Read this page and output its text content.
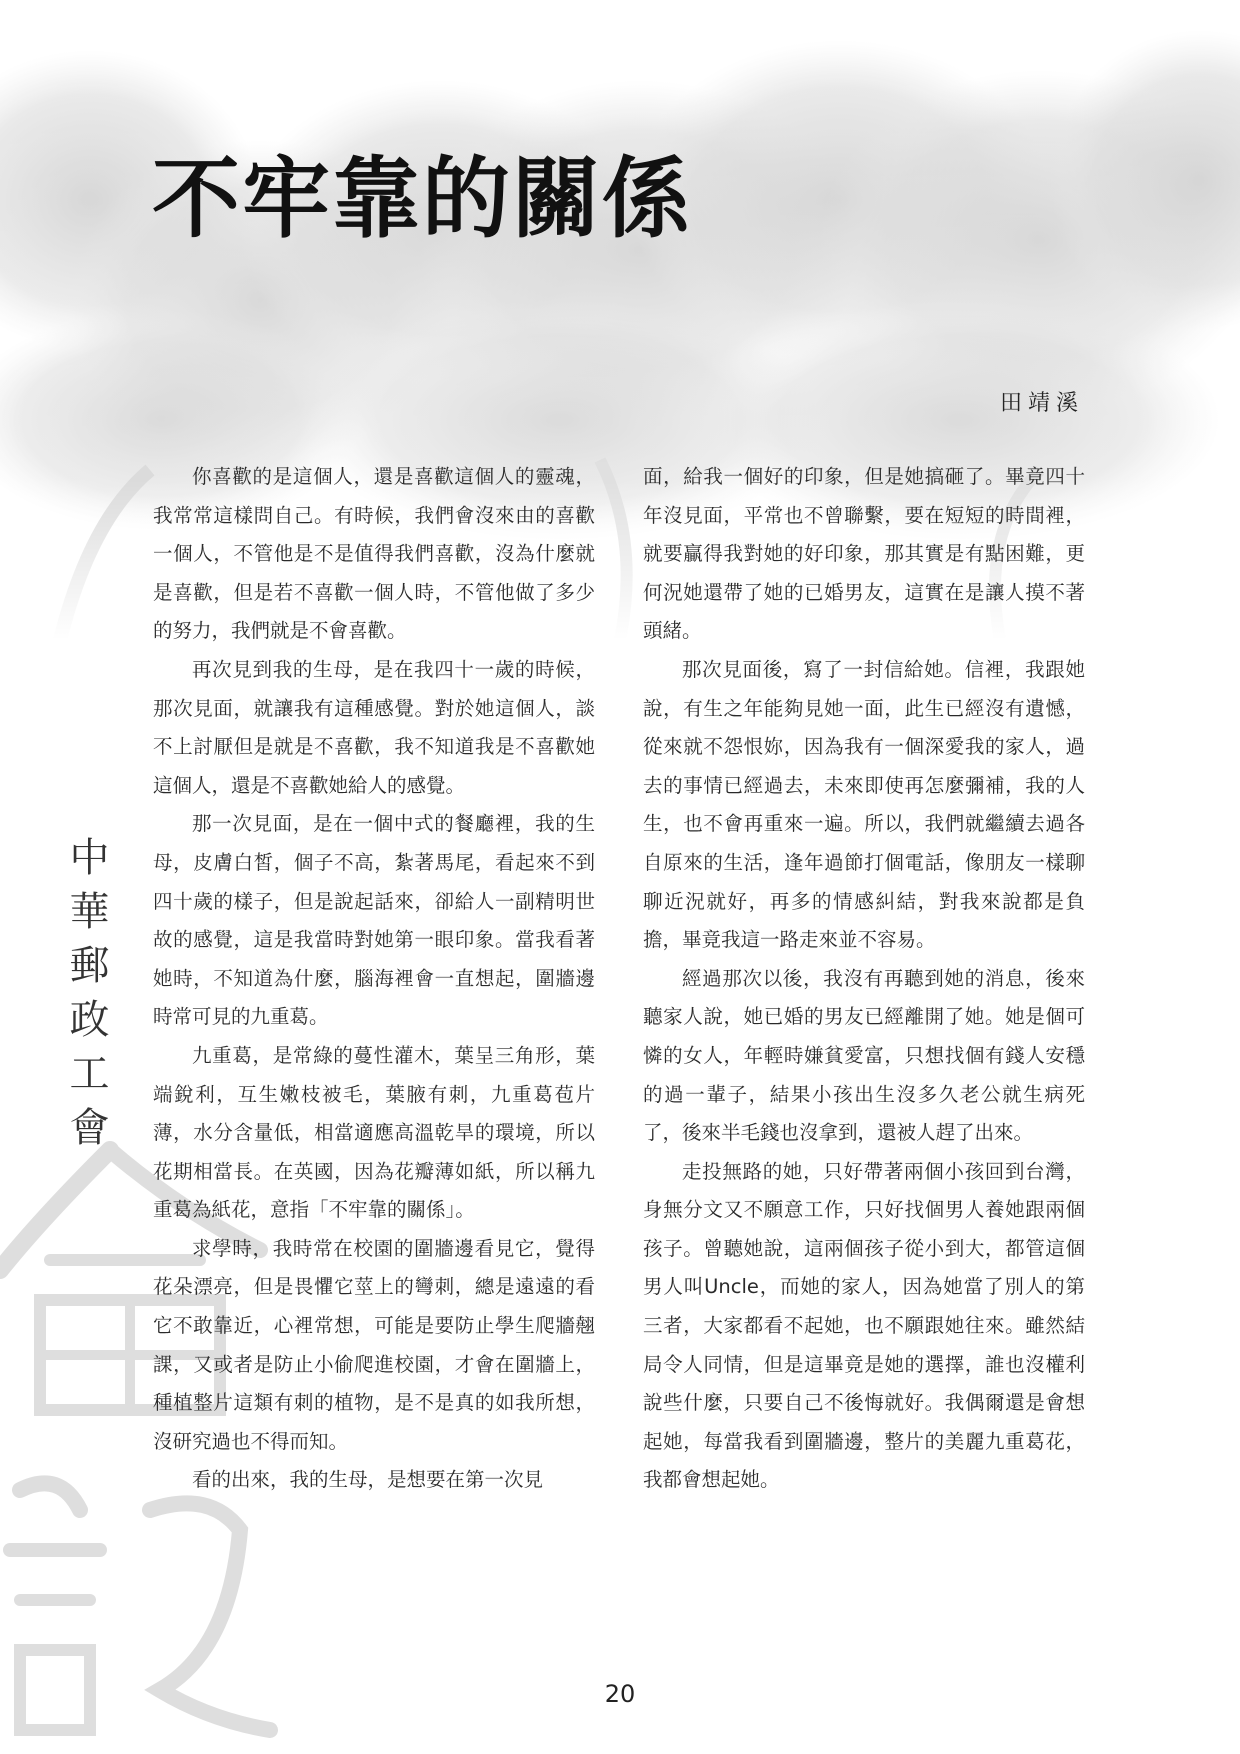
不牢靠的關係
田靖溪
中華郵政工會

你喜歡的是這個人，還是喜歡這個人的靈魂，我常常這樣問自己。有時候，我們會沒來由的喜歡一個人，不管他是不是值得我們喜歡，沒為什麼就是喜歡，但是若不喜歡一個人時，不管他做了多少的努力，我們就是不會喜歡。

再次見到我的生母，是在我四十一歲的時候，那次見面，就讓我有這種感覺。對於她這個人，談不上討厭但是就是不喜歡，我不知道我是不喜歡她這個人，還是不喜歡她給人的感覺。

那一次見面，是在一個中式的餐廳裡，我的生母，皮膚白皙，個子不高，紮著馬尾，看起來不到四十歲的樣子，但是說起話來，卻給人一副精明世故的感覺，這是我當時對她第一眼印象。當我看著她時，不知道為什麼，腦海裡會一直想起，圍牆邊時常可見的九重葛。

九重葛，是常綠的蔓性灌木，葉呈三角形，葉端銳利，互生嫩枝被毛，葉腋有刺，九重葛苞片薄，水分含量低，相當適應高溫乾旱的環境，所以花期相當長。在英國，因為花瓣薄如紙，所以稱九重葛為紙花，意指「不牢靠的關係」。

求學時，我時常在校園的圍牆邊看見它，覺得花朵漂亮，但是畏懼它莖上的彎刺，總是遠遠的看它不敢靠近，心裡常想，可能是要防止學生爬牆翹課，又或者是防止小偷爬進校園，才會在圍牆上，種植整片這類有刺的植物，是不是真的如我所想，沒研究過也不得而知。

看的出來，我的生母，是想要在第一次見

面，給我一個好的印象，但是她搞砸了。畢竟四十年沒見面，平常也不曾聯繫，要在短短的時間裡，就要贏得我對她的好印象，那其實是有點困難，更何況她還帶了她的已婚男友，這實在是讓人摸不著頭緒。

那次見面後，寫了一封信給她。信裡，我跟她說，有生之年能夠見她一面，此生已經沒有遺憾，從來就不怨恨妳，因為我有一個深愛我的家人，過去的事情已經過去，未來即使再怎麼彌補，我的人生，也不會再重來一遍。所以，我們就繼續去過各自原來的生活，逢年過節打個電話，像朋友一樣聊聊近況就好，再多的情感糾結，對我來說都是負擔，畢竟我這一路走來並不容易。

經過那次以後，我沒有再聽到她的消息，後來聽家人說，她已婚的男友已經離開了她。她是個可憐的女人，年輕時嫌貧愛富，只想找個有錢人安穩的過一輩子，結果小孩出生沒多久老公就生病死了，後來半毛錢也沒拿到，還被人趕了出來。

走投無路的她，只好帶著兩個小孩回到台灣，身無分文又不願意工作，只好找個男人養她跟兩個孩子。曾聽她說，這兩個孩子從小到大，都管這個男人叫Uncle，而她的家人，因為她當了別人的第三者，大家都看不起她，也不願跟她往來。雖然結局令人同情，但是這畢竟是她的選擇，誰也沒權利說些什麼，只要自己不後悔就好。我偶爾還是會想起她，每當我看到圍牆邊，整片的美麗九重葛花，我都會想起她。

20
